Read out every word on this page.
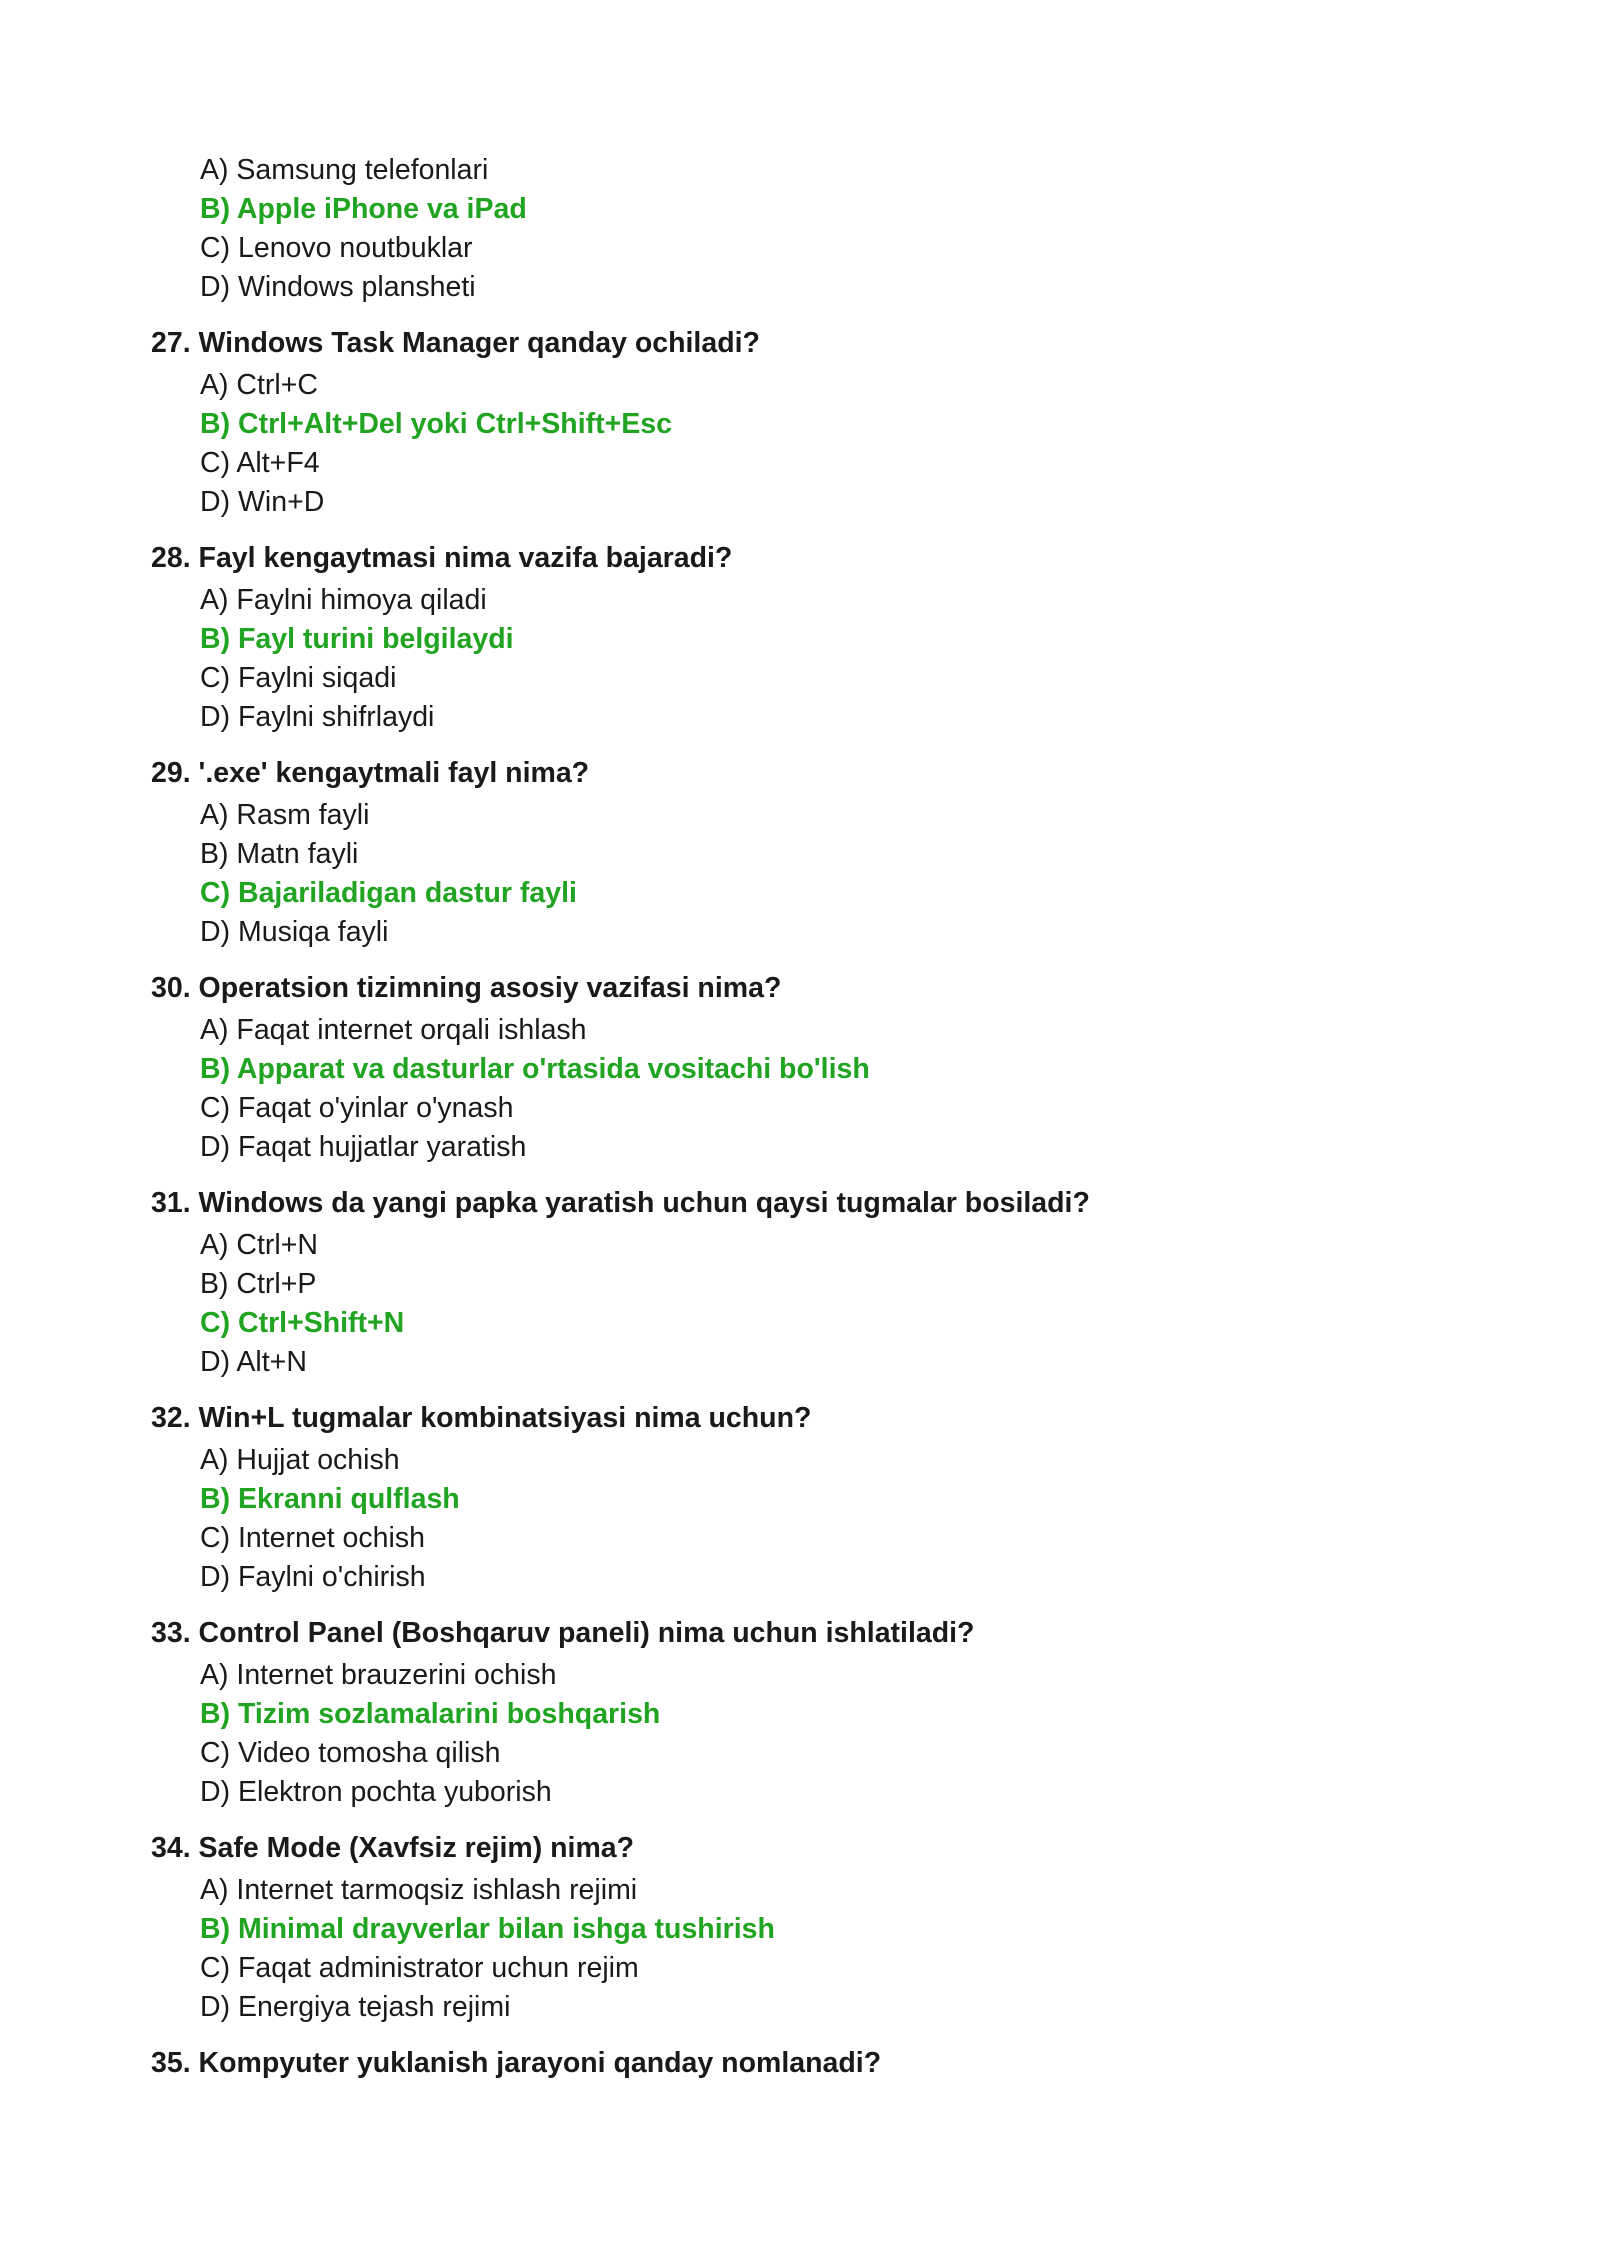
A) Samsung telefonlari
B) Apple iPhone va iPad
C) Lenovo noutbuklar
D) Windows plansheti
27. Windows Task Manager qanday ochiladi?
A) Ctrl+C
B) Ctrl+Alt+Del yoki Ctrl+Shift+Esc
C) Alt+F4
D) Win+D
28. Fayl kengaytmasi nima vazifa bajaradi?
A) Faylni himoya qiladi
B) Fayl turini belgilaydi
C) Faylni siqadi
D) Faylni shifrlaydi
29. '.exe' kengaytmali fayl nima?
A) Rasm fayli
B) Matn fayli
C) Bajariladigan dastur fayli
D) Musiqa fayli
30. Operatsion tizimning asosiy vazifasi nima?
A) Faqat internet orqali ishlash
B) Apparat va dasturlar o'rtasida vositachi bo'lish
C) Faqat o'yinlar o'ynash
D) Faqat hujjatlar yaratish
31. Windows da yangi papka yaratish uchun qaysi tugmalar bosiladi?
A) Ctrl+N
B) Ctrl+P
C) Ctrl+Shift+N
D) Alt+N
32. Win+L tugmalar kombinatsiyasi nima uchun?
A) Hujjat ochish
B) Ekranni qulflash
C) Internet ochish
D) Faylni o'chirish
33. Control Panel (Boshqaruv paneli) nima uchun ishlatiladi?
A) Internet brauzerini ochish
B) Tizim sozlamalarini boshqarish
C) Video tomosha qilish
D) Elektron pochta yuborish
34. Safe Mode (Xavfsiz rejim) nima?
A) Internet tarmoqsiz ishlash rejimi
B) Minimal drayverlar bilan ishga tushirish
C) Faqat administrator uchun rejim
D) Energiya tejash rejimi
35. Kompyuter yuklanish jarayoni qanday nomlanadi?
